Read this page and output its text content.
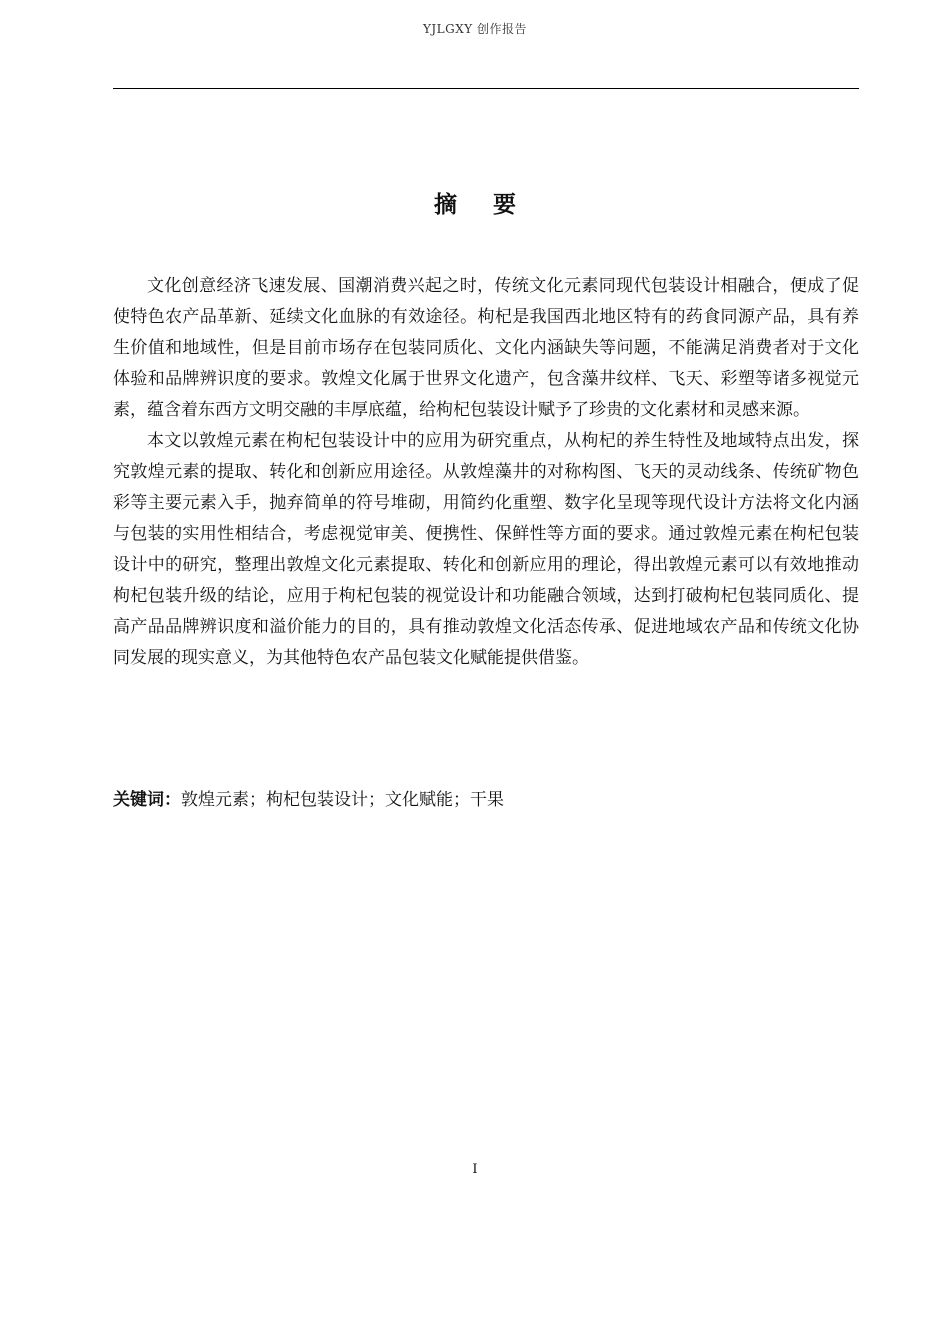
YJLGXY 创作报告
摘 要

文化创意经济飞速发展、国潮消费兴起之时，传统文化元素同现代包装设计相融合，便成了促使特色农产品革新、延续文化血脉的有效途径。枸杞是我国西北地区特有的药食同源产品，具有养生价值和地域性，但是目前市场存在包装同质化、文化内涵缺失等问题，不能满足消费者对于文化体验和品牌辨识度的要求。敦煌文化属于世界文化遗产，包含藻井纹样、飞天、彩塑等诸多视觉元素，蕴含着东西方文明交融的丰厚底蕴，给枸杞包装设计赋予了珍贵的文化素材和灵感来源。

本文以敦煌元素在枸杞包装设计中的应用为研究重点，从枸杞的养生特性及地域特点出发，探究敦煌元素的提取、转化和创新应用途径。从敦煌藻井的对称构图、飞天的灵动线条、传统矿物色彩等主要元素入手，抛弃简单的符号堆砌，用简约化重塑、数字化呈现等现代设计方法将文化内涵与包装的实用性相结合，考虑视觉审美、便携性、保鲜性等方面的要求。通过敦煌元素在枸杞包装设计中的研究，整理出敦煌文化元素提取、转化和创新应用的理论，得出敦煌元素可以有效地推动枸杞包装升级的结论，应用于枸杞包装的视觉设计和功能融合领域，达到打破枸杞包装同质化、提高产品品牌辨识度和溢价能力的目的，具有推动敦煌文化活态传承、促进地域农产品和传统文化协同发展的现实意义，为其他特色农产品包装文化赋能提供借鉴。

关键词：敦煌元素；枸杞包装设计；文化赋能；干果
I
